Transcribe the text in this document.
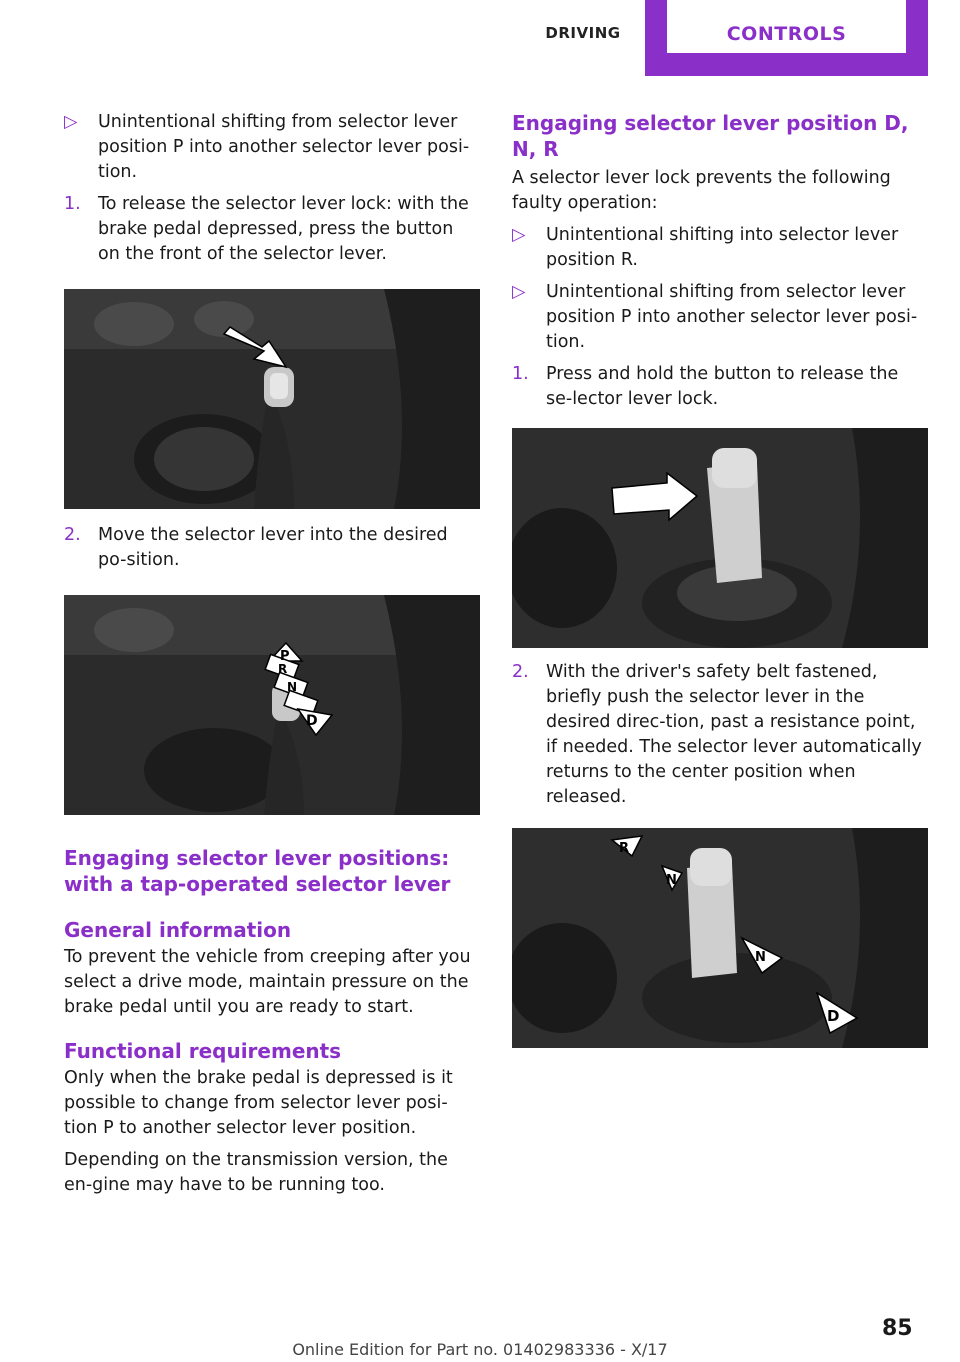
DRIVING	CONTROLS
▷ Unintentional shifting from selector lever position P into another selector lever posi-tion.
1. To release the selector lever lock: with the brake pedal depressed, press the button on the front of the selector lever.
2. Move the selector lever into the desired po-sition.
P
R
N
D
Engaging selector lever positions: with a tap-operated selector lever
General information

To prevent the vehicle from creeping after you select a drive mode, maintain pressure on the brake pedal until you are ready to start.

Functional requirements

Only when the brake pedal is depressed is it possible to change from selector lever posi-tion P to another selector lever position.

Depending on the transmission version, the en-gine may have to be running too.

Engaging selector lever position D, N, R

A selector lever lock prevents the following faulty operation:

▷ Unintentional shifting into selector lever position R.
▷ Unintentional shifting from selector lever position P into another selector lever posi-tion.
1. Press and hold the button to release the se-lector lever lock.
2. With the driver's safety belt fastened, briefly push the selector lever in the desired direc-tion, past a resistance point, if needed. The selector lever automatically returns to the center position when released.
R
N
N
D
85
Online Edition for Part no. 01402983336 - X/17
